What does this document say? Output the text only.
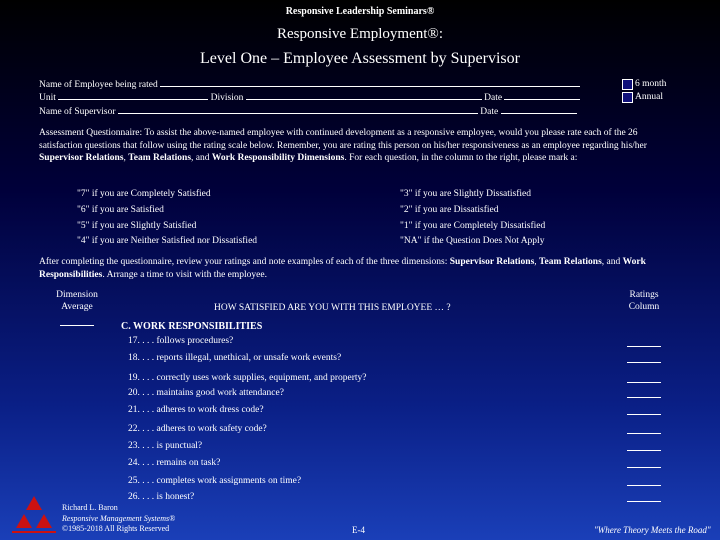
Responsive Leadership Seminars®
Responsive Employment®:
Level One – Employee Assessment by Supervisor
Name of Employee being rated
Unit	Division	Date
Name of Supervisor	Date
6 month
Annual
Assessment Questionnaire: To assist the above-named employee with continued development as a responsive employee, would you please rate each of the 26 satisfaction questions that follow using the rating scale below. Remember, you are rating this person on his/her responsiveness as an employee regarding his/her Supervisor Relations, Team Relations, and Work Responsibility Dimensions. For each question, in the column to the right, please mark a:
"7" if you are Completely Satisfied
"6" if you are Satisfied
"5" if you are Slightly Satisfied
"4" if you are Neither Satisfied nor Dissatisfied
"3" if you are Slightly Dissatisfied
"2" if you are Dissatisfied
"1" if you are Completely Dissatisfied
"NA" if the Question Does Not Apply
After completing the questionnaire, review your ratings and note examples of each of the three dimensions: Supervisor Relations, Team Relations, and Work Responsibilities. Arrange a time to visit with the employee.
Dimension
Average	HOW SATISFIED ARE YOU WITH THIS EMPLOYEE … ?
Ratings
Column
C. WORK RESPONSIBILITIES
17. . . . follows procedures?
18. . . . reports illegal, unethical, or unsafe work events?
19. . . . correctly uses work supplies, equipment, and property?
20. . . . maintains good work attendance?
21. . . . adheres to work dress code?
22. . . . adheres to work safety code?
23. . . . is punctual?
24. . . . remains on task?
25. . . . completes work assignments on time?
26. . . . is honest?
Richard L. Baron
Responsive Management Systems®
©1985-2018 All Rights Reserved	E-4	"Where Theory Meets the Road"
